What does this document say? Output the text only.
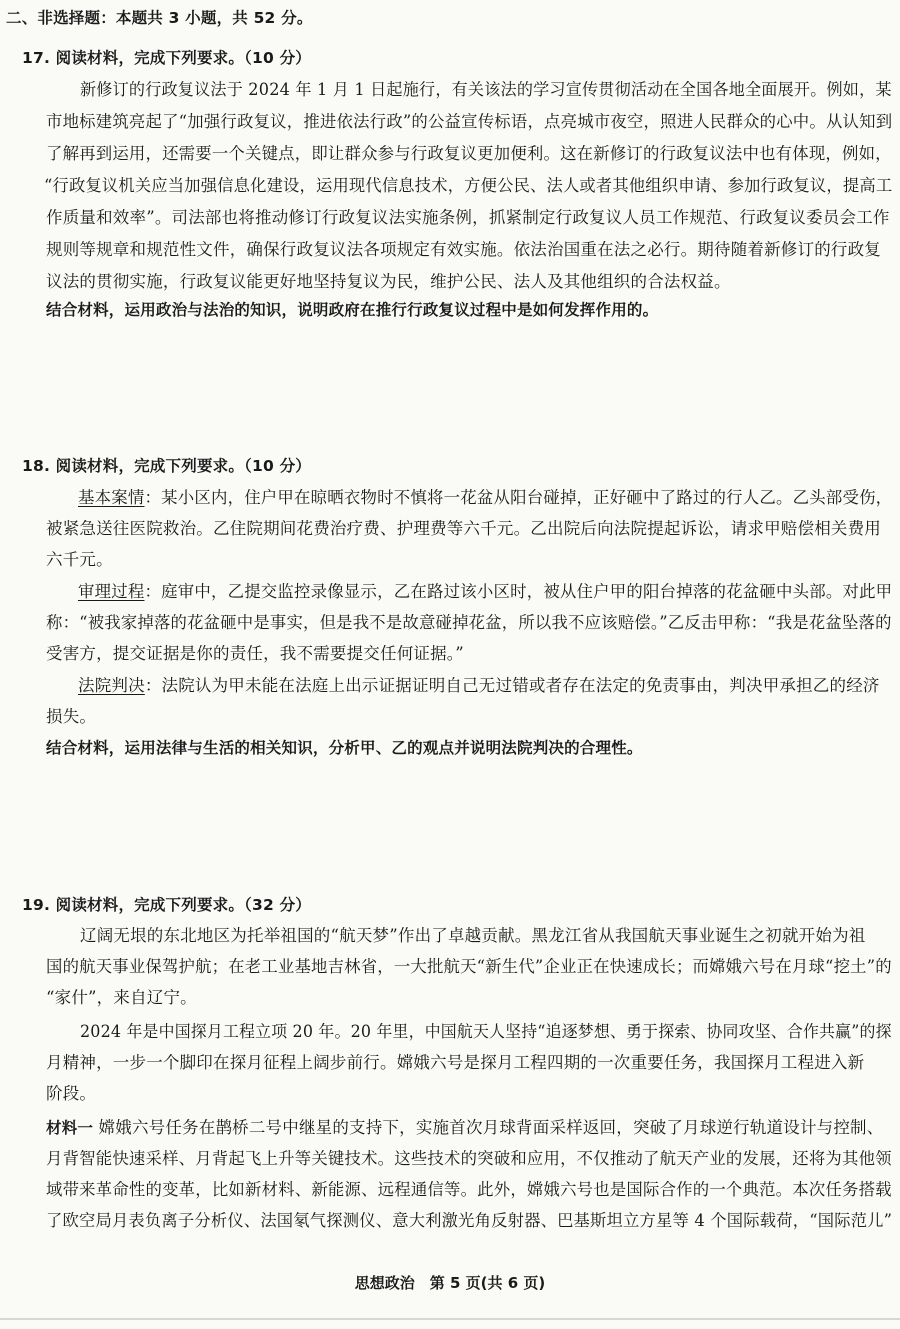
二、非选择题：本题共 3 小题，共 52 分。
17. 阅读材料，完成下列要求。（10 分）
新修订的行政复议法于 2024 年 1 月 1 日起施行，有关该法的学习宣传贯彻活动在全国各地全面展开。例如，某
市地标建筑亮起了“加强行政复议，推进依法行政”的公益宣传标语，点亮城市夜空，照进人民群众的心中。从认知到
了解再到运用，还需要一个关键点，即让群众参与行政复议更加便利。这在新修订的行政复议法中也有体现，例如，
“行政复议机关应当加强信息化建设，运用现代信息技术，方便公民、法人或者其他组织申请、参加行政复议，提高工
作质量和效率”。司法部也将推动修订行政复议法实施条例，抓紧制定行政复议人员工作规范、行政复议委员会工作
规则等规章和规范性文件，确保行政复议法各项规定有效实施。依法治国重在法之必行。期待随着新修订的行政复
议法的贯彻实施，行政复议能更好地坚持复议为民，维护公民、法人及其他组织的合法权益。
结合材料，运用政治与法治的知识，说明政府在推行行政复议过程中是如何发挥作用的。
18. 阅读材料，完成下列要求。（10 分）
基本案情：某小区内，住户甲在晾晒衣物时不慎将一花盆从阳台碰掉，正好砸中了路过的行人乙。乙头部受伤，
被紧急送往医院救治。乙住院期间花费治疗费、护理费等六千元。乙出院后向法院提起诉讼，请求甲赔偿相关费用
六千元。
审理过程：庭审中，乙提交监控录像显示，乙在路过该小区时，被从住户甲的阳台掉落的花盆砸中头部。对此甲
称：“被我家掉落的花盆砸中是事实，但是我不是故意碰掉花盆，所以我不应该赔偿。”乙反击甲称：“我是花盆坠落的
受害方，提交证据是你的责任，我不需要提交任何证据。”
法院判决：法院认为甲未能在法庭上出示证据证明自己无过错或者存在法定的免责事由，判决甲承担乙的经济
损失。
结合材料，运用法律与生活的相关知识，分析甲、乙的观点并说明法院判决的合理性。
19. 阅读材料，完成下列要求。（32 分）
辽阔无垠的东北地区为托举祖国的“航天梦”作出了卓越贡献。黑龙江省从我国航天事业诞生之初就开始为祖
国的航天事业保驾护航；在老工业基地吉林省，一大批航天“新生代”企业正在快速成长；而嫦娥六号在月球“挖土”的
“家什”，来自辽宁。
2024 年是中国探月工程立项 20 年。20 年里，中国航天人坚持“追逐梦想、勇于探索、协同攻坚、合作共赢”的探
月精神，一步一个脚印在探月征程上阔步前行。嫦娥六号是探月工程四期的一次重要任务，我国探月工程进入新
阶段。
材料一 嫦娥六号任务在鹊桥二号中继星的支持下，实施首次月球背面采样返回，突破了月球逆行轨道设计与控制、
月背智能快速采样、月背起飞上升等关键技术。这些技术的突破和应用，不仅推动了航天产业的发展，还将为其他领
域带来革命性的变革，比如新材料、新能源、远程通信等。此外，嫦娥六号也是国际合作的一个典范。本次任务搭载
了欧空局月表负离子分析仪、法国氡气探测仪、意大利激光角反射器、巴基斯坦立方星等 4 个国际载荷，“国际范儿”
思想政治　第 5 页(共 6 页)
